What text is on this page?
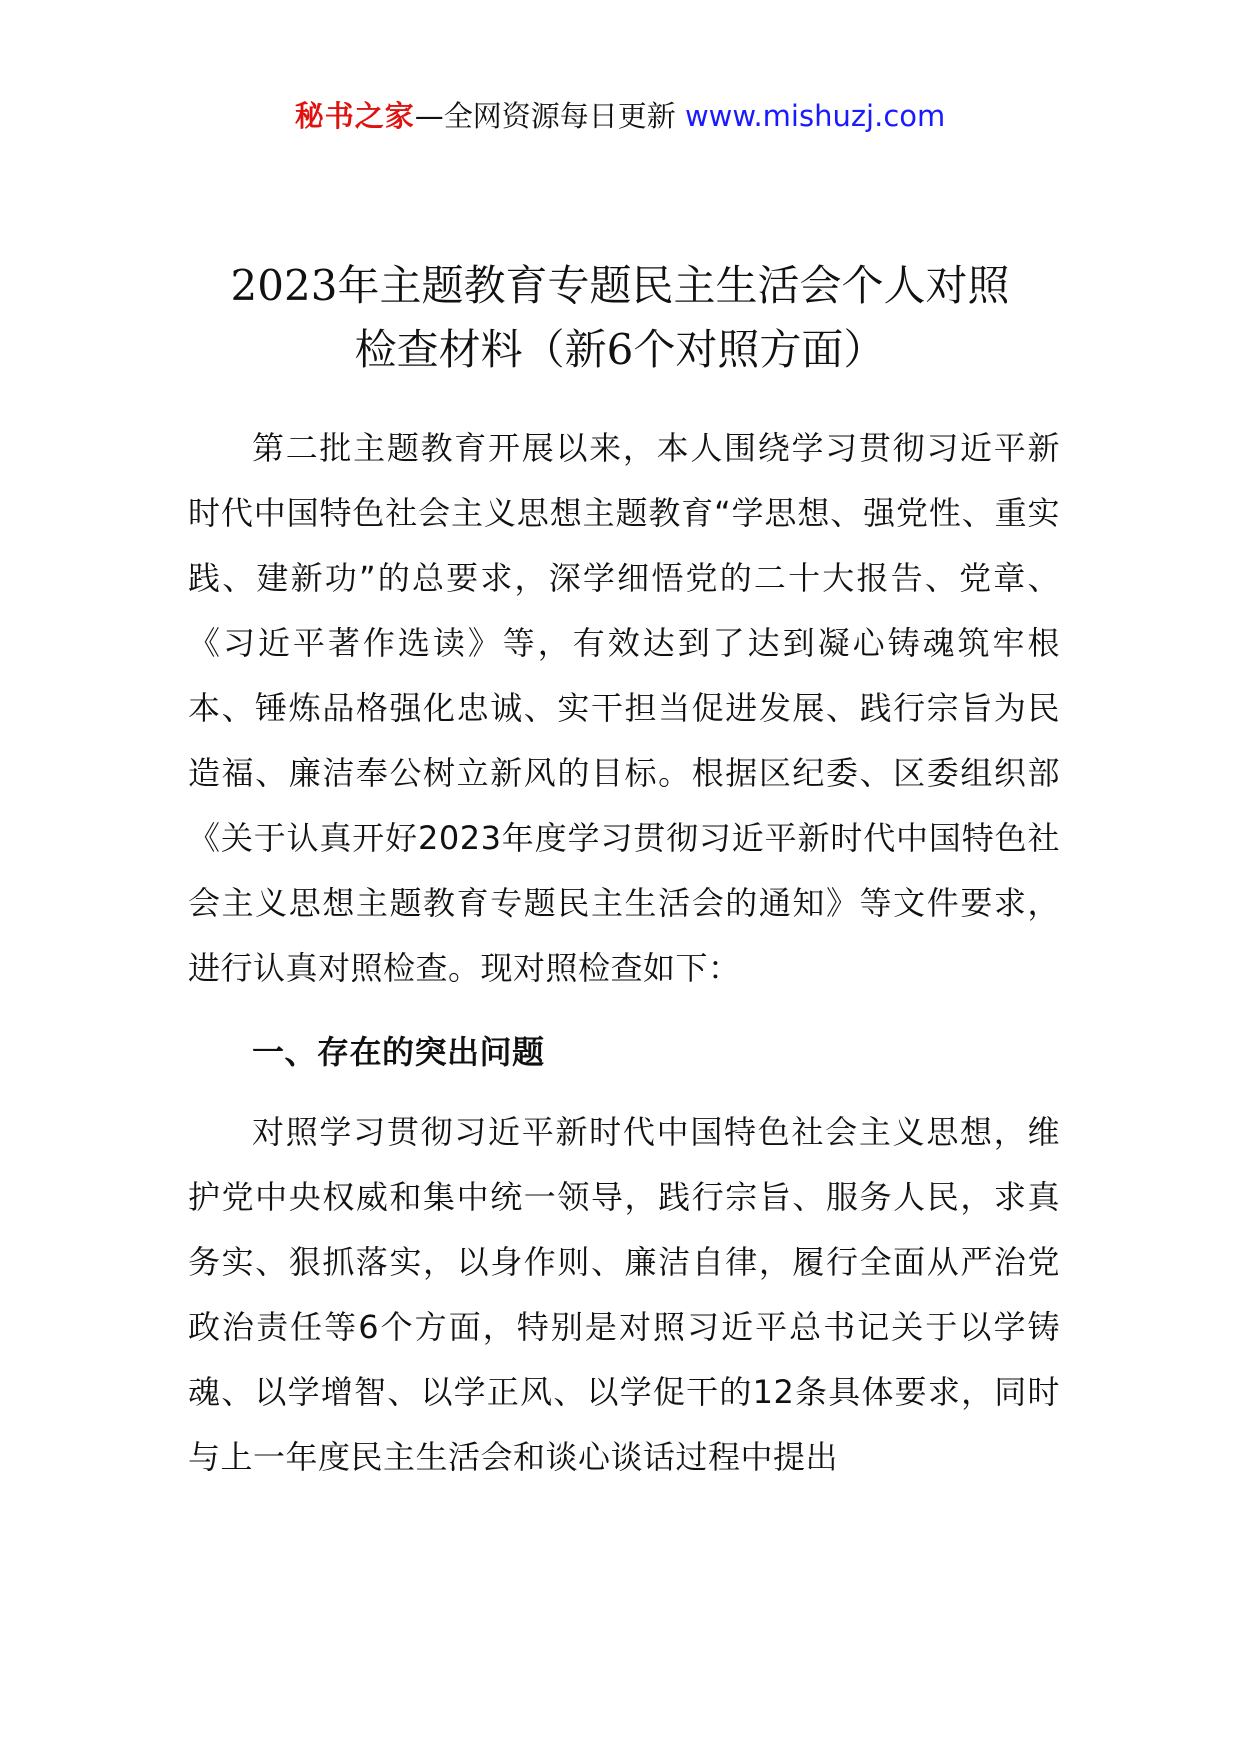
秘书之家—全网资源每日更新 www.mishuzj.com
2023年主题教育专题民主生活会个人对照
检查材料（新6个对照方面）

第二批主题教育开展以来，本人围绕学习贯彻习近平新时代中国特色社会主义思想主题教育“学思想、强党性、重实践、建新功”的总要求，深学细悟党的二十大报告、党章、《习近平著作选读》等，有效达到了达到凝心铸魂筑牢根本、锤炼品格强化忠诚、实干担当促进发展、践行宗旨为民造福、廉洁奉公树立新风的目标。根据区纪委、区委组织部《关于认真开好2023年度学习贯彻习近平新时代中国特色社会主义思想主题教育专题民主生活会的通知》等文件要求，进行认真对照检查。现对照检查如下：

一、存在的突出问题

对照学习贯彻习近平新时代中国特色社会主义思想，维护党中央权威和集中统一领导，践行宗旨、服务人民，求真务实、狠抓落实，以身作则、廉洁自律，履行全面从严治党政治责任等6个方面，特别是对照习近平总书记关于以学铸魂、以学增智、以学正风、以学促干的12条具体要求，同时与上一年度民主生活会和谈心谈话过程中提出
